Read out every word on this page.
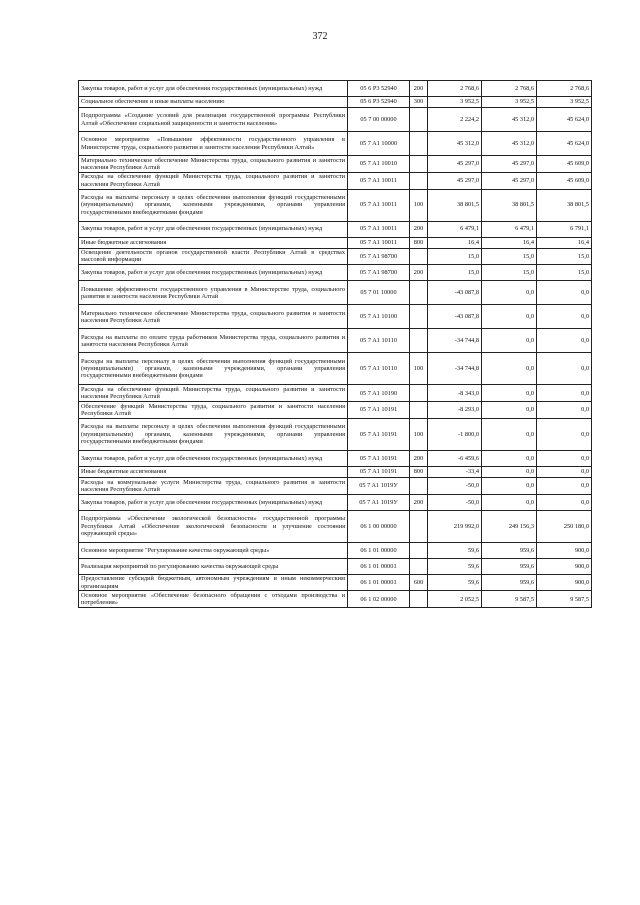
372
Закупка товаров, работ и услуг для обеспечения государственных (муниципальных) нужд	05 6 P3 52940	200	2 768,6	2 768,6	2 768,6
Социальное обеспечение и иные выплаты населению	05 6 P3 52940	300	3 952,5	3 952,5	3 952,5
Подпрограмма «Создание условий для реализации государственной программы Республики Алтай «Обеспечение социальной защищенности и занятости населения»	05 7 00 00000		2 224,2	45 312,0	45 624,0
Основное мероприятие «Повышение эффективности государственного управления в Министерстве труда, социального развития и занятости населения Республики Алтай»	05 7 A1 10000		45 312,0	45 312,0	45 624,0
Материально техническое обеспечение Министерства труда, социального развития и занятости населения Республики Алтай	05 7 A1 10010		45 297,0	45 297,0	45 609,0
Расходы на обеспечение функций Министерства труда, социального развития и занятости населения Республики Алтай	05 7 A1 10011		45 297,0	45 297,0	45 609,0
Расходы на выплаты персоналу в целях обеспечения выполнения функций государственными (муниципальными) органами, казенными учреждениями, органами управления государственными внебюджетными фондами	05 7 A1 10011	100	38 801,5	38 801,5	38 801,5
Закупка товаров, работ и услуг для обеспечения государственных (муниципальных) нужд	05 7 A1 10011	200	6 479,1	6 479,1	6 791,1
Иные бюджетные ассигнования	05 7 A1 10011	800	16,4	16,4	16,4
Освещение деятельности органов государственной власти Республики Алтай в средствах массовой информации	05 7 A1 98700		15,0	15,0	15,0
Закупка товаров, работ и услуг для обеспечения государственных (муниципальных) нужд	05 7 A1 98700	200	15,0	15,0	15,0
Повышение эффективности государственного управления в Министерстве труда, социального развития и занятости населения Республики Алтай	05 7 01 10000		-43 087,8	0,0	0,0
Материально техническое обеспечение Министерства труда, социального развития и занятости населения Республики Алтай	05 7 A1 10100		-43 087,8	0,0	0,0
Расходы на выплаты по оплате труда работников Министерства труда, социального развития и занятости населения Республики Алтай	05 7 A1 10110		-34 744,8	0,0	0,0
Расходы на выплаты персоналу в целях обеспечения выполнения функций государственными (муниципальными) органами, казенными учреждениями, органами управления государственными внебюджетными фондами	05 7 A1 10110	100	-34 744,8	0,0	0,0
Расходы на обеспечение функций Министерства труда, социального развития и занятости населения Республики Алтай	05 7 A1 10190		-8 343,0	0,0	0,0
Обеспечение функций Министерства труда, социального развития и занятости населения Республики Алтай	05 7 A1 10191		-8 293,0	0,0	0,0
Расходы на выплаты персоналу в целях обеспечения выполнения функций государственными (муниципальными) органами, казенными учреждениями, органами управления государственными внебюджетными фондами	05 7 A1 10191	100	-1 800,0	0,0	0,0
Закупка товаров, работ и услуг для обеспечения государственных (муниципальных) нужд	05 7 A1 10191	200	-6 459,6	0,0	0,0
Иные бюджетные ассигнования	05 7 A1 10191	800	-33,4	0,0	0,0
Расходы на коммунальные услуги Министерства труда, социального развития и занятости населения Республики Алтай	05 7 A1 1019У		-50,0	0,0	0,0
Закупка товаров, работ и услуг для обеспечения государственных (муниципальных) нужд	05 7 A1 1019У	200	-50,0	0,0	0,0
Подпрограмма «Обеспечение экологической безопасности» государственной программы Республики Алтай «Обеспечение экологической безопасности и улучшение состояния окружающей среды»	06 1 00 00000		219 992,0	249 156,3	250 180,0
Основное мероприятие "Регулирование качества окружающей среды»	06 1 01 00000		59,6	959,6	900,0
Реализация мероприятий по регулированию качества окружающей среды	06 1 01 00001		59,6	959,6	900,0
Предоставление субсидий бюджетным, автономным учреждениям и иным некоммерческим организациям	06 1 01 00001	600	59,6	959,6	900,0
Основное мероприятие «Обеспечение безопасного обращения с отходами производства и потребления»	06 1 02 00000		2 052,5	9 587,5	9 587,5
